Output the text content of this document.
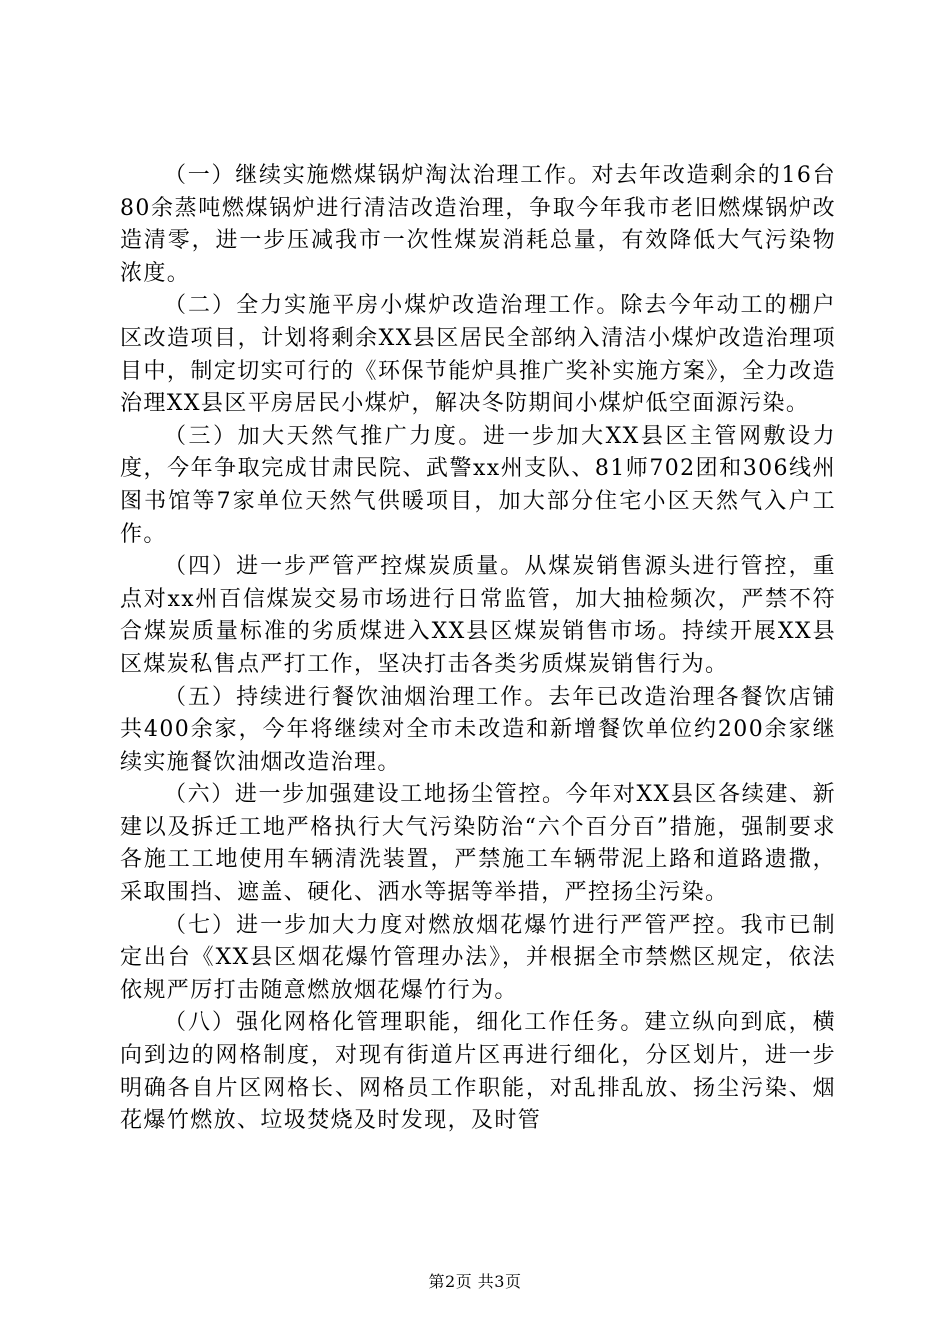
（一）继续实施燃煤锅炉淘汰治理工作。对去年改造剩余的16台80余蒸吨燃煤锅炉进行清洁改造治理，争取今年我市老旧燃煤锅炉改造清零，进一步压减我市一次性煤炭消耗总量，有效降低大气污染物浓度。

（二）全力实施平房小煤炉改造治理工作。除去今年动工的棚户区改造项目，计划将剩余XX县区居民全部纳入清洁小煤炉改造治理项目中，制定切实可行的《环保节能炉具推广奖补实施方案》，全力改造治理XX县区平房居民小煤炉，解决冬防期间小煤炉低空面源污染。

（三）加大天然气推广力度。进一步加大XX县区主管网敷设力度，今年争取完成甘肃民院、武警xx州支队、81师702团和306线州图书馆等7家单位天然气供暖项目，加大部分住宅小区天然气入户工作。

（四）进一步严管严控煤炭质量。从煤炭销售源头进行管控，重点对xx州百信煤炭交易市场进行日常监管，加大抽检频次，严禁不符合煤炭质量标准的劣质煤进入XX县区煤炭销售市场。持续开展XX县区煤炭私售点严打工作，坚决打击各类劣质煤炭销售行为。

（五）持续进行餐饮油烟治理工作。去年已改造治理各餐饮店铺共400余家，今年将继续对全市未改造和新增餐饮单位约200余家继续实施餐饮油烟改造治理。

（六）进一步加强建设工地扬尘管控。今年对XX县区各续建、新建以及拆迁工地严格执行大气污染防治“六个百分百”措施，强制要求各施工工地使用车辆清洗装置，严禁施工车辆带泥上路和道路遗撒，采取围挡、遮盖、硬化、洒水等据等举措，严控扬尘污染。

（七）进一步加大力度对燃放烟花爆竹进行严管严控。我市已制定出台《XX县区烟花爆竹管理办法》，并根据全市禁燃区规定，依法依规严厉打击随意燃放烟花爆竹行为。

（八）强化网格化管理职能，细化工作任务。建立纵向到底，横向到边的网格制度，对现有街道片区再进行细化，分区划片，进一步明确各自片区网格长、网格员工作职能，对乱排乱放、扬尘污染、烟花爆竹燃放、垃圾焚烧及时发现，及时管

第2页 共3页
